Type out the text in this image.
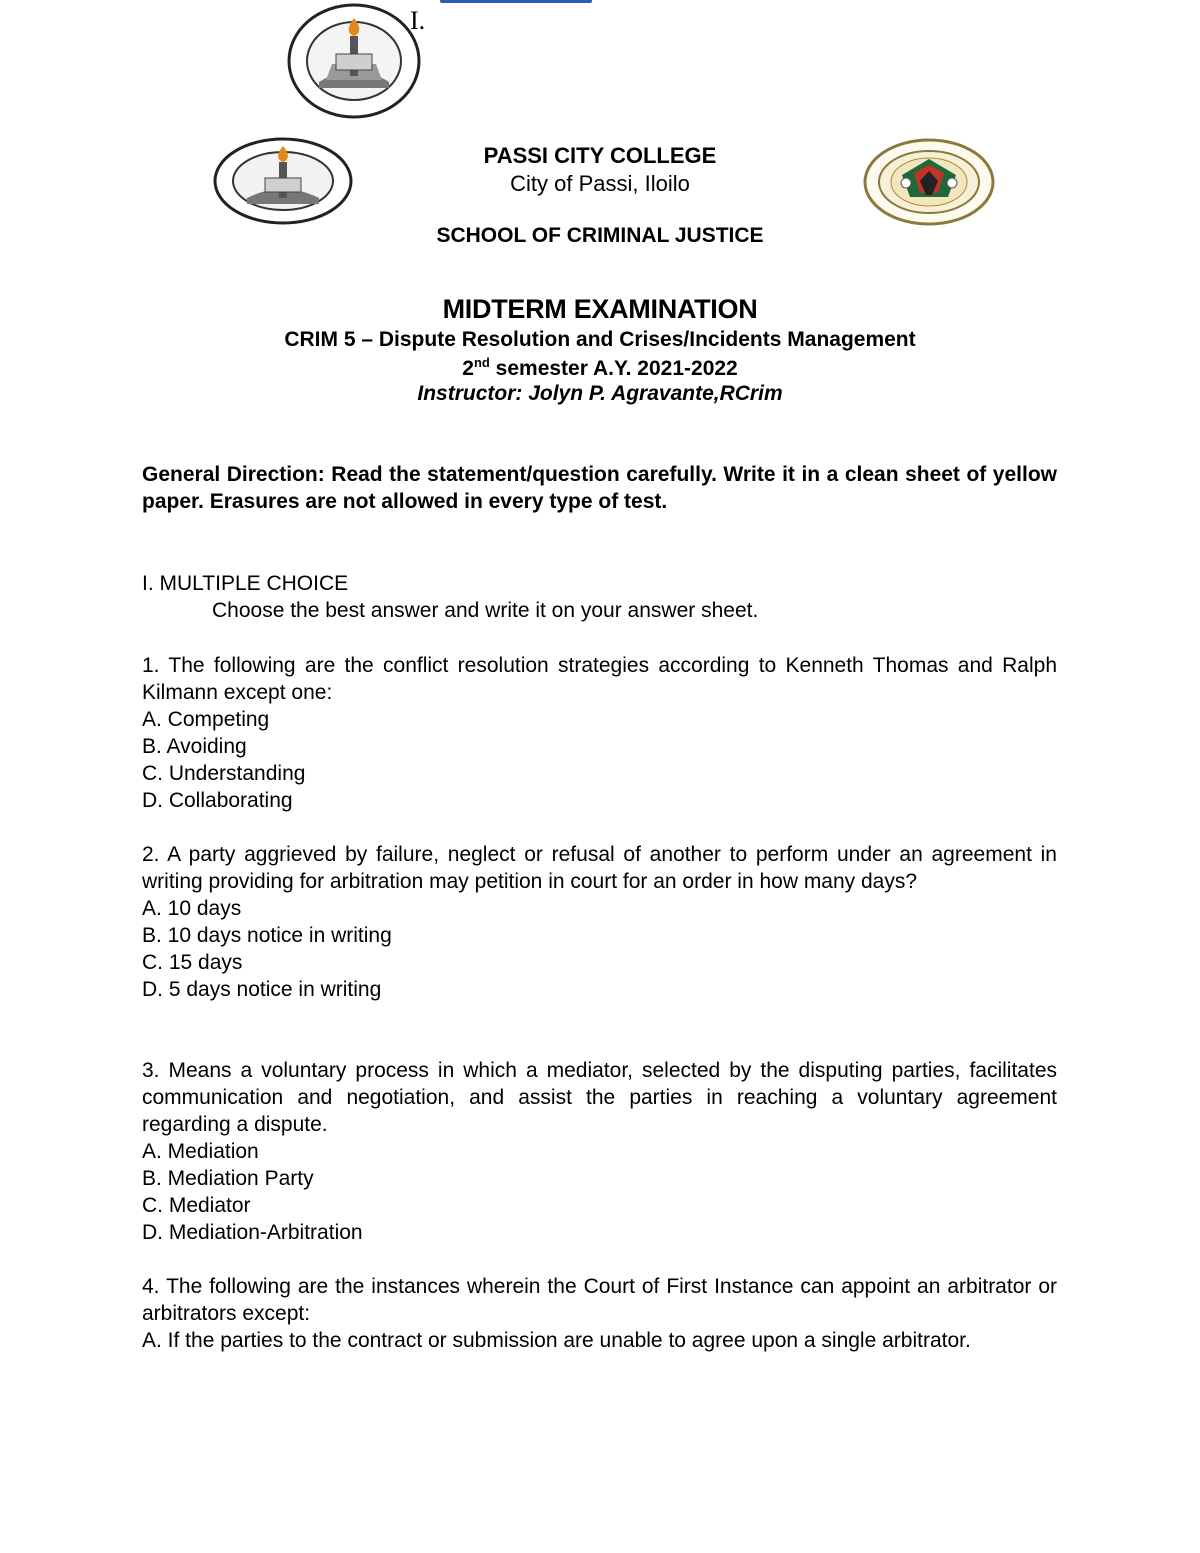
I.
PASSI CITY COLLEGE
City of Passi, Iloilo
SCHOOL OF CRIMINAL JUSTICE
MIDTERM EXAMINATION
CRIM 5 – Dispute Resolution and Crises/Incidents Management
2nd semester A.Y. 2021-2022
Instructor: Jolyn P. Agravante,RCrim
General Direction: Read the statement/question carefully. Write it in a clean sheet of yellow paper. Erasures are not allowed in every type of test.
I. MULTIPLE CHOICE
Choose the best answer and write it on your answer sheet.

1. The following are the conflict resolution strategies according to Kenneth Thomas and Ralph Kilmann except one:

A. Competing

B. Avoiding

C. Understanding

D. Collaborating

2. A party aggrieved by failure, neglect or refusal of another to perform under an agreement in writing providing for arbitration may petition in court for an order in how many days?

A. 10 days

B. 10 days notice in writing

C. 15 days

D. 5 days notice in writing

3. Means a voluntary process in which a mediator, selected by the disputing parties, facilitates communication and negotiation, and assist the parties in reaching a voluntary agreement regarding a dispute.

A. Mediation

B. Mediation Party

C. Mediator

D. Mediation-Arbitration

4. The following are the instances wherein the Court of First Instance can appoint an arbitrator or arbitrators except:

A. If the parties to the contract or submission are unable to agree upon a single arbitrator.
